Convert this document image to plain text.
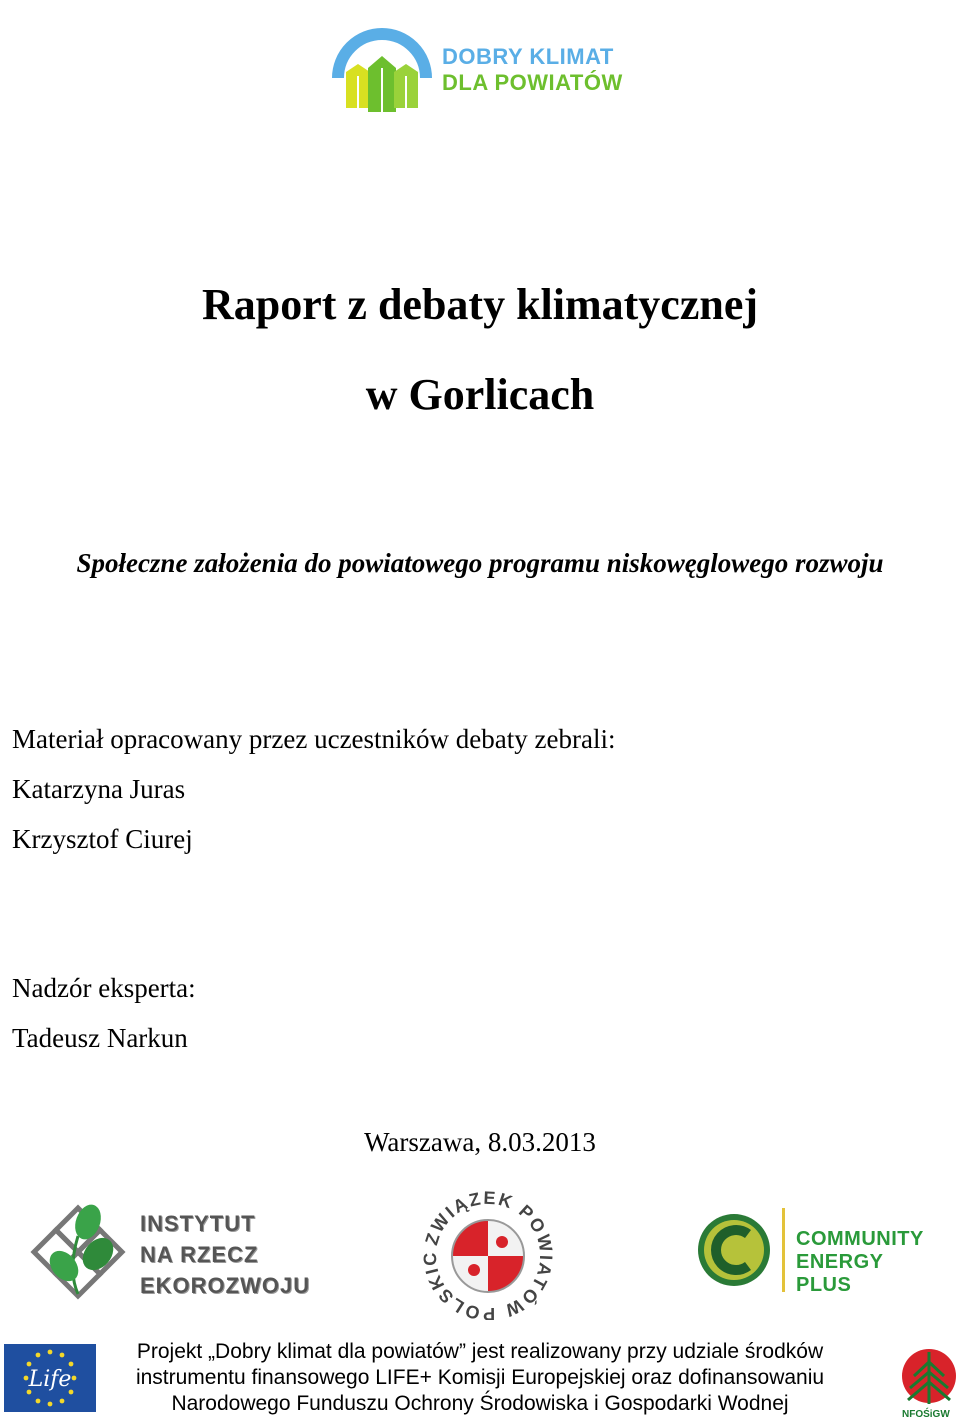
DOBRY KLIMAT
DLA POWIATÓW
Raport z debaty klimatycznej
w Gorlicach
Społeczne założenia do powiatowego programu niskowęglowego rozwoju
Materiał opracowany przez uczestników debaty zebrali:
Katarzyna Juras
Krzysztof Ciurej
Nadzór eksperta:
Tadeusz Narkun
Warszawa, 8.03.2013
INSTYTUT
NA RZECZ
EKOROZWOJU
ZWIĄZEK POWIATÓW POLSKIC
COMMUNITY
ENERGY PLUS
Life
Projekt „Dobry klimat dla powiatów” jest realizowany przy udziale środków
instrumentu finansowego LIFE+ Komisji Europejskiej oraz dofinansowaniu
Narodowego Funduszu Ochrony Środowiska i Gospodarki Wodnej	NFOŚiGW
